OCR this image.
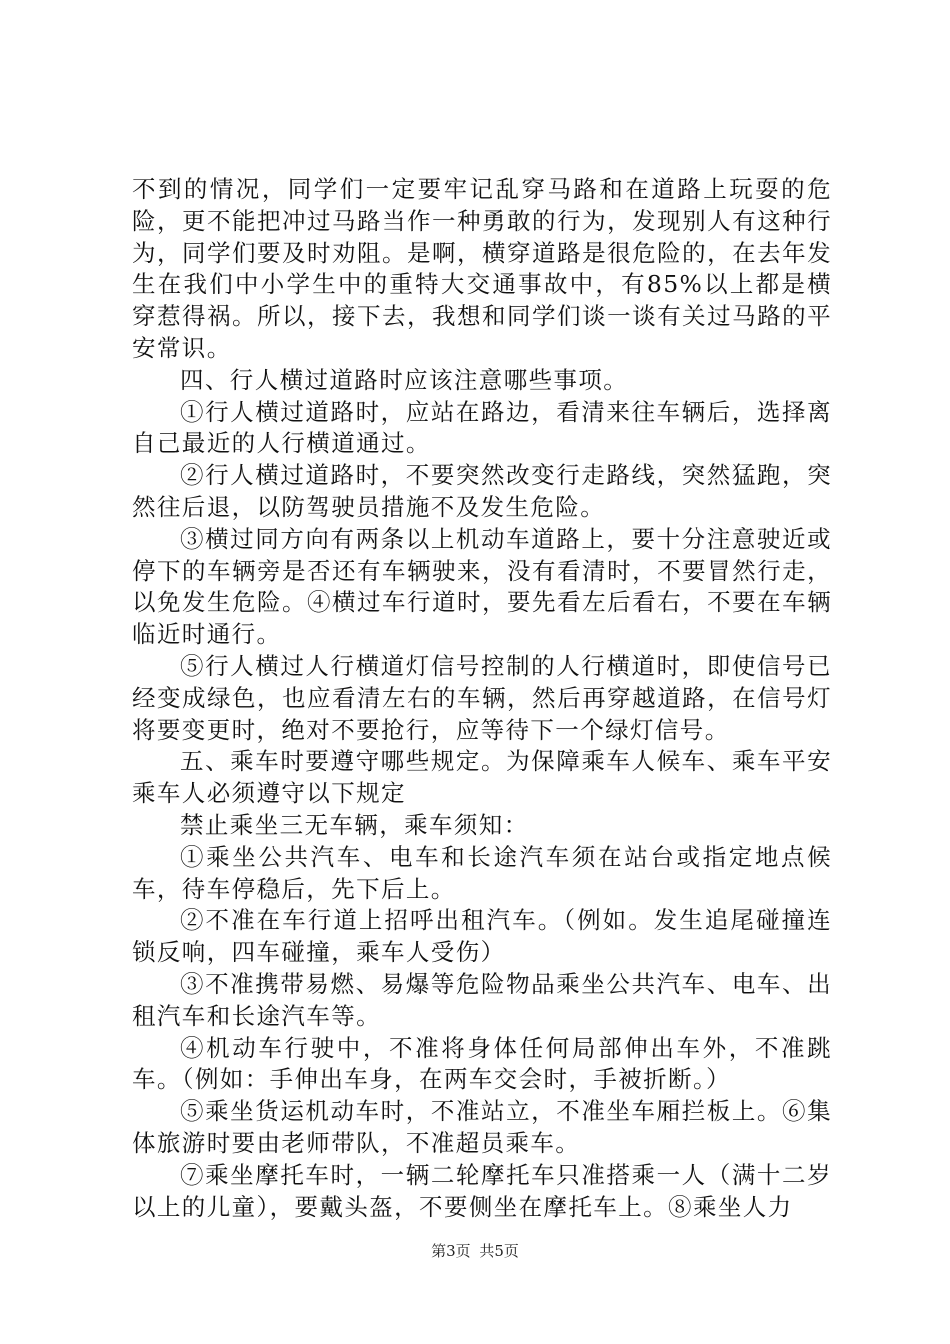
不到的情况，同学们一定要牢记乱穿马路和在道路上玩耍的危险，更不能把冲过马路当作一种勇敢的行为，发现别人有这种行为，同学们要及时劝阻。是啊，横穿道路是很危险的，在去年发生在我们中小学生中的重特大交通事故中，有85%以上都是横穿惹得祸。所以，接下去，我想和同学们谈一谈有关过马路的平安常识。

四、行人横过道路时应该注意哪些事项。

①行人横过道路时，应站在路边，看清来往车辆后，选择离自己最近的人行横道通过。

②行人横过道路时，不要突然改变行走路线，突然猛跑，突然往后退，以防驾驶员措施不及发生危险。

③横过同方向有两条以上机动车道路上，要十分注意驶近或停下的车辆旁是否还有车辆驶来，没有看清时，不要冒然行走，以免发生危险。④横过车行道时，要先看左后看右，不要在车辆临近时通行。

⑤行人横过人行横道灯信号控制的人行横道时，即使信号已经变成绿色，也应看清左右的车辆，然后再穿越道路，在信号灯将要变更时，绝对不要抢行，应等待下一个绿灯信号。

五、乘车时要遵守哪些规定。为保障乘车人候车、乘车平安乘车人必须遵守以下规定

禁止乘坐三无车辆，乘车须知：

①乘坐公共汽车、电车和长途汽车须在站台或指定地点候车，待车停稳后，先下后上。

②不准在车行道上招呼出租汽车。（例如。发生追尾碰撞连锁反响，四车碰撞，乘车人受伤）

③不准携带易燃、易爆等危险物品乘坐公共汽车、电车、出租汽车和长途汽车等。

④机动车行驶中，不准将身体任何局部伸出车外，不准跳车。（例如：手伸出车身，在两车交会时，手被折断。）

⑤乘坐货运机动车时，不准站立，不准坐车厢拦板上。⑥集体旅游时要由老师带队，不准超员乘车。

⑦乘坐摩托车时，一辆二轮摩托车只准搭乘一人（满十二岁以上的儿童），要戴头盔，不要侧坐在摩托车上。⑧乘坐人力

第3页 共5页
